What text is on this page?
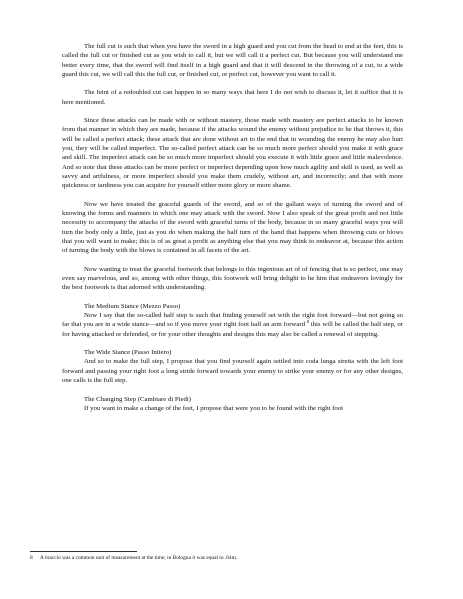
The full cut is such that when you have the sword in a high guard and you cut from the head to end at the feet, this is called the full cut or finished cut as you wish to call it, but we will call it a perfect cut. But because you will understand me better every time, that the sword will find itself in a high guard and that it will descend in the throwing of a cut, to a wide guard this cut, we will call this the full cut, or finished cut, or perfect cut, however you want to call it.

The feint of a redoubled cut can happen in so many ways that here I do not wish to discuss it, let it suffice that it is here mentioned.

Since these attacks can be made with or without mastery, those made with mastery are perfect attacks to be known from that manner in which they are made, because if the attacks wound the enemy without prejudice to he that throws it, this will be called a perfect attack; these attack that are done without art to the end that in wounding the enemy he may also hurt you, they will be called imperfect. The so-called perfect attack can be so much more perfect should you make it with grace and skill. The imperfect attack can be so much more imperfect should you execute it with little grace and little malevolence. And so note that these attacks can be more perfect or imperfect depending upon how much agility and skill is used, as well as savvy and artfulness, or more imperfect should you make them crudely, without art, and incorrectly; and that with more quickness or tardiness you can acquire for yourself either more glory or more shame.

Now we have treated the graceful guards of the sword, and so of the gallant ways of turning the sword and of knowing the forms and manners in which one may attack with the sword. Now I also speak of the great profit and not little necessity to accompany the attacks of the sword with graceful turns of the body, because in so many graceful ways you will turn the body only a little, just as you do when making the half turn of the hand that happens when throwing cuts or blows that you will want to make; this is of as great a profit as anything else that you may think to endeavor at, because this action of turning the body with the blows is contained in all facets of the art.

Now wanting to treat the graceful footwork that belongs to this ingenious art of of fencing that is so perfect, one may even say marvelous, and so, among with other things, this footwork will bring delight to he him that endeavors lovingly for the best footwork is that adorned with understanding.

The Medium Stance (Mezzo Passo)

Now I say that the so-called half step is such that finding yourself set with the right foot forward—but not going so far that you are in a wide stance—and so if you move your right foot half an arm forward $^8$ this will be called the half step, or for having attacked or defended, or for your other thoughts and designs this may also be called a renewal of stepping.

The Wide Stance (Passo Intiero)

And so to make the full step, I propose that you find yourself again settled into coda lunga stretta with the left foot forward and passing your right foot a long stride forward towards your enemy to strike your enemy or for any other designs, one calls is the full step.

The Changing Step (Cambiare di Piedi)

If you want to make a change of the feet, I propose that were you to be found with the right foot

8 A braccio was a common unit of measurement at the time; in Bologna it was equal to .64m.
